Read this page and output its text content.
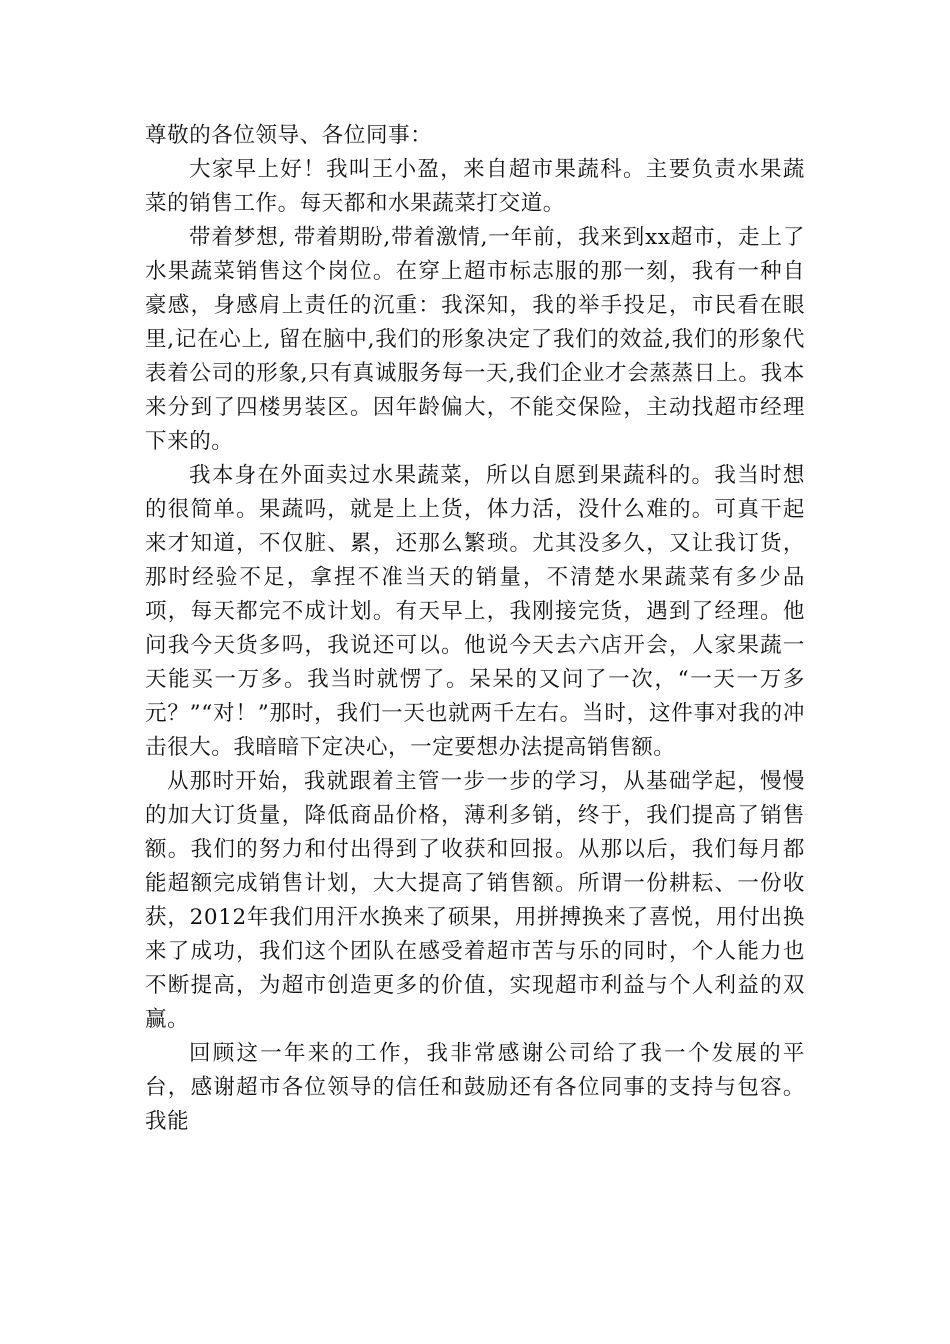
尊敬的各位领导、各位同事：

大家早上好！我叫王小盈，来自超市果蔬科。主要负责水果蔬菜的销售工作。每天都和水果蔬菜打交道。

带着梦想, 带着期盼,带着激情,一年前，我来到xx超市，走上了水果蔬菜销售这个岗位。在穿上超市标志服的那一刻，我有一种自豪感，身感肩上责任的沉重：我深知，我的举手投足，市民看在眼里,记在心上, 留在脑中,我们的形象决定了我们的效益,我们的形象代表着公司的形象,只有真诚服务每一天,我们企业才会蒸蒸日上。我本来分到了四楼男装区。因年龄偏大，不能交保险，主动找超市经理下来的。

我本身在外面卖过水果蔬菜，所以自愿到果蔬科的。我当时想的很简单。果蔬吗，就是上上货，体力活，没什么难的。可真干起来才知道，不仅脏、累，还那么繁琐。尤其没多久，又让我订货，那时经验不足，拿捏不准当天的销量，不清楚水果蔬菜有多少品项，每天都完不成计划。有天早上，我刚接完货，遇到了经理。他问我今天货多吗，我说还可以。他说今天去六店开会，人家果蔬一天能买一万多。我当时就愣了。呆呆的又问了一次，“一天一万多元？”“对！”那时，我们一天也就两千左右。当时，这件事对我的冲击很大。我暗暗下定决心，一定要想办法提高销售额。

从那时开始，我就跟着主管一步一步的学习，从基础学起，慢慢的加大订货量，降低商品价格，薄利多销，终于，我们提高了销售额。我们的努力和付出得到了收获和回报。从那以后，我们每月都能超额完成销售计划，大大提高了销售额。所谓一份耕耘、一份收获，2012年我们用汗水换来了硕果，用拼搏换来了喜悦，用付出换来了成功，我们这个团队在感受着超市苦与乐的同时，个人能力也不断提高，为超市创造更多的价值，实现超市利益与个人利益的双赢。

回顾这一年来的工作，我非常感谢公司给了我一个发展的平台，感谢超市各位领导的信任和鼓励还有各位同事的支持与包容。我能
